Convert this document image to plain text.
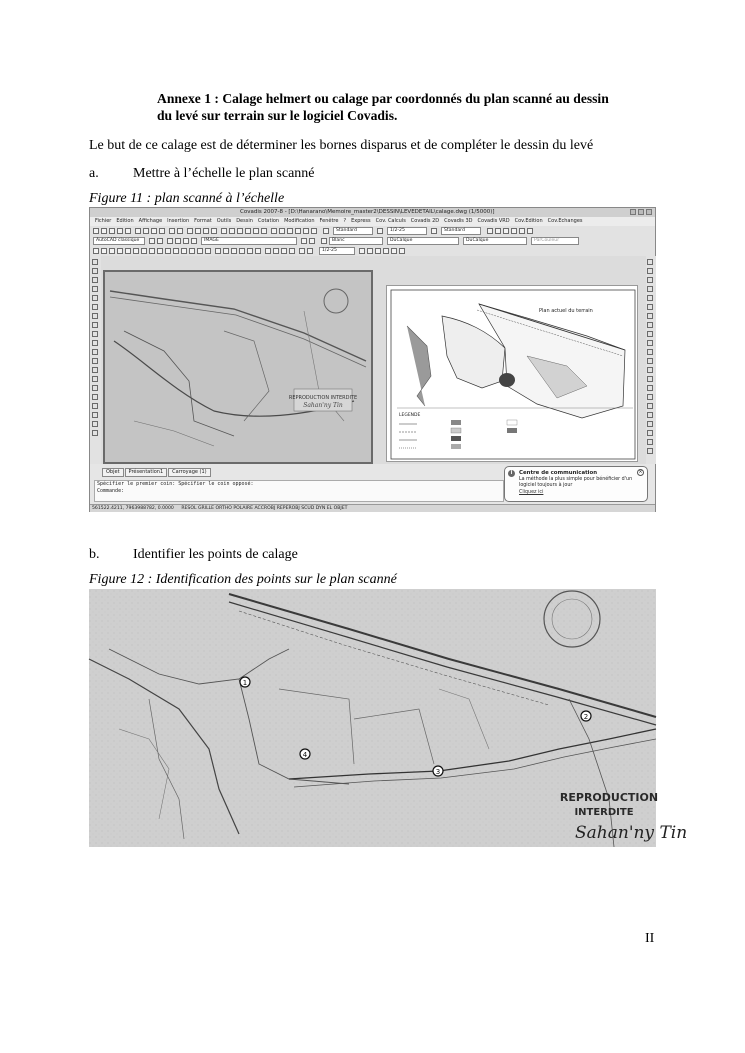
Annexe 1 : Calage helmert ou calage par coordonnés du plan scanné au dessin
du levé sur terrain sur le logiciel Covadis.
Le but de ce calage est de déterminer les bornes disparus et de compléter le dessin du levé
a. Mettre à l’échelle le plan scanné
Figure 11 : plan scanné à l’échelle
Covadis 2007-8 - [D:\Hanarano\Memoire_master2\DESSIN\LEVEDETAIL\calage.dwg (1/5000)]
Fichier Edition Affichage Insertion Format Outils Dessin Cotation Modification Fenêtre ? Express Cov. Calculs Covadis 2D Covadis 3D Covadis VRD Cov.Edition Cov.Echanges
Standard	1/2-25	Standard
AutoCAD classique	IMAGE	Blanc	DuCalque	DuCalque	ParCouleur
1/2-25
REPRODUCTION INTERDITE
Sahan'ny Tin
Plan actuel du terrain
LEGENDE
Objet Présentation1 Carroyage (1)
Spécifier le premier coin: Spécifier le coin opposé:
Commande:
i	×
Centre de communication
La méthode la plus simple pour bénéficier d'un logiciel toujours à jour
Cliquez ici
561522.4211, 7963988782, 0.0000 RESOL GRILLE ORTHO POLAIRE ACCROBJ REPEROBJ SCUD DYN EL OBJET
b. Identifier les points de calage
Figure 12 : Identification des points sur le plan scanné
1
2
3
4
REPRODUCTION
INTERDITE
Sahan'ny Tin
II
